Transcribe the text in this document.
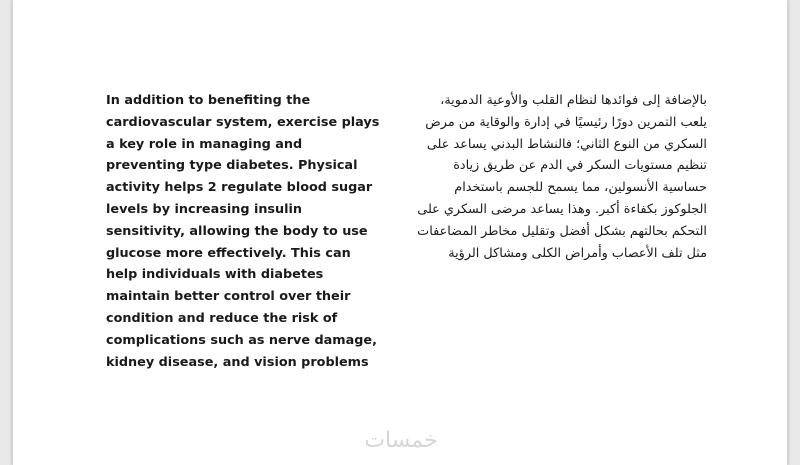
In addition to benefiting the cardiovascular system, exercise plays a key role in managing and preventing type diabetes. Physical activity helps 2 regulate blood sugar levels by increasing insulin sensitivity, allowing the body to use glucose more effectively. This can help individuals with diabetes maintain better control over their condition and reduce the risk of complications such as nerve damage, kidney disease, and vision problems

بالإضافة إلى فوائدها لنظام القلب والأوعية الدموية، يلعب التمرين دورًا رئيسيًا في إدارة والوقاية من مرض السكري من النوع الثاني؛ فالنشاط البدني يساعد على تنظيم مستويات السكر في الدم عن طريق زيادة حساسية الأنسولين، مما يسمح للجسم باستخدام الجلوكوز بكفاءة أكبر. وهذا يساعد مرضى السكري على التحكم بحالتهم بشكل أفضل وتقليل مخاطر المضاعفات مثل تلف الأعصاب وأمراض الكلى ومشاكل الرؤية

خمسات
